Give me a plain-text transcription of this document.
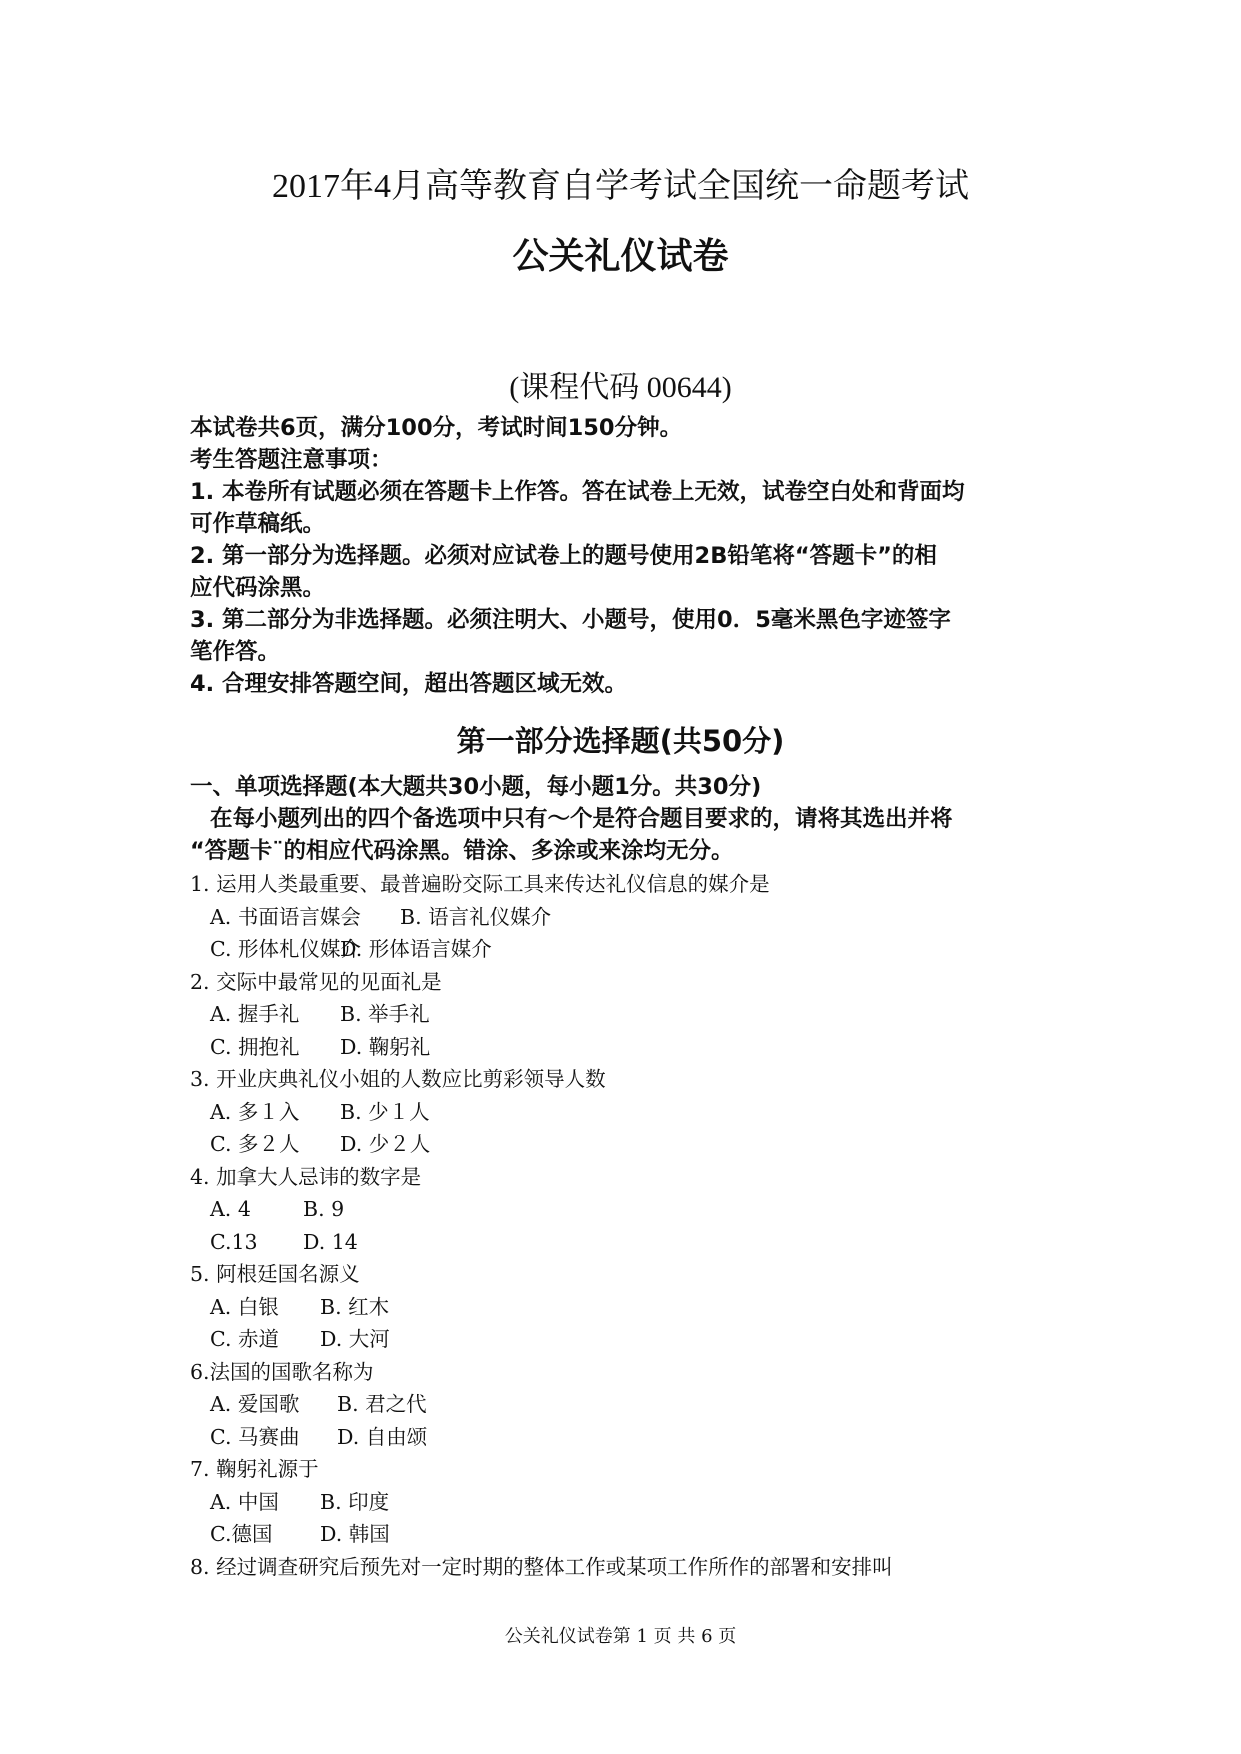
2017年4月高等教育自学考试全国统一命题考试
公关礼仪试卷
(课程代码 00644)
本试卷共6页，满分100分，考试时间150分钟。
考生答题注意事项：
1. 本卷所有试题必须在答题卡上作答。答在试卷上无效，试卷空白处和背面均
可作草稿纸。
2. 第一部分为选择题。必须对应试卷上的题号使用2B铅笔将“答题卡”的相
应代码涂黑。
3. 第二部分为非选择题。必须注明大、小题号，使用0．5毫米黑色字迹签字
笔作答。
4. 合理安排答题空间，超出答题区域无效。
第一部分选择题(共50分)
一、单项选择题(本大题共30小题，每小题1分。共30分)
在每小题列出的四个备选项中只有〜个是符合题目要求的，请将其选出并将
“答题卡¨的相应代码涂黑。错涂、多涂或来涂均无分。
1. 运用人类最重要、最普遍盼交际工具来传达礼仪信息的媒介是
A. 书面语言媒会 B. 语言礼仪媒介
C. 形体札仪媒介D. 形体语言媒介
2. 交际中最常见的见面礼是
A. 握手礼 B. 举手礼
C. 拥抱礼 D. 鞠躬礼
3. 开业庆典礼仪小姐的人数应比剪彩领导人数
A. 多１入 B. 少１人
C. 多２人 D. 少２人
4. 加拿大人忌讳的数字是
A. 4	B. 9
C.13 D. 14
5. 阿根廷国名源义
A. 白银 B. 红木
C. 赤道 D. 大河
6.法国的国歌名称为
A. 爱国歌 B. 君之代
C. 马赛曲 D. 自由颂
7. 鞠躬礼源于
A. 中国 B. 印度
C.德国 D. 韩国
8. 经过调查研究后预先对一定时期的整体工作或某项工作所作的部署和安排叫
公关礼仪试卷第 1 页 共 6 页
